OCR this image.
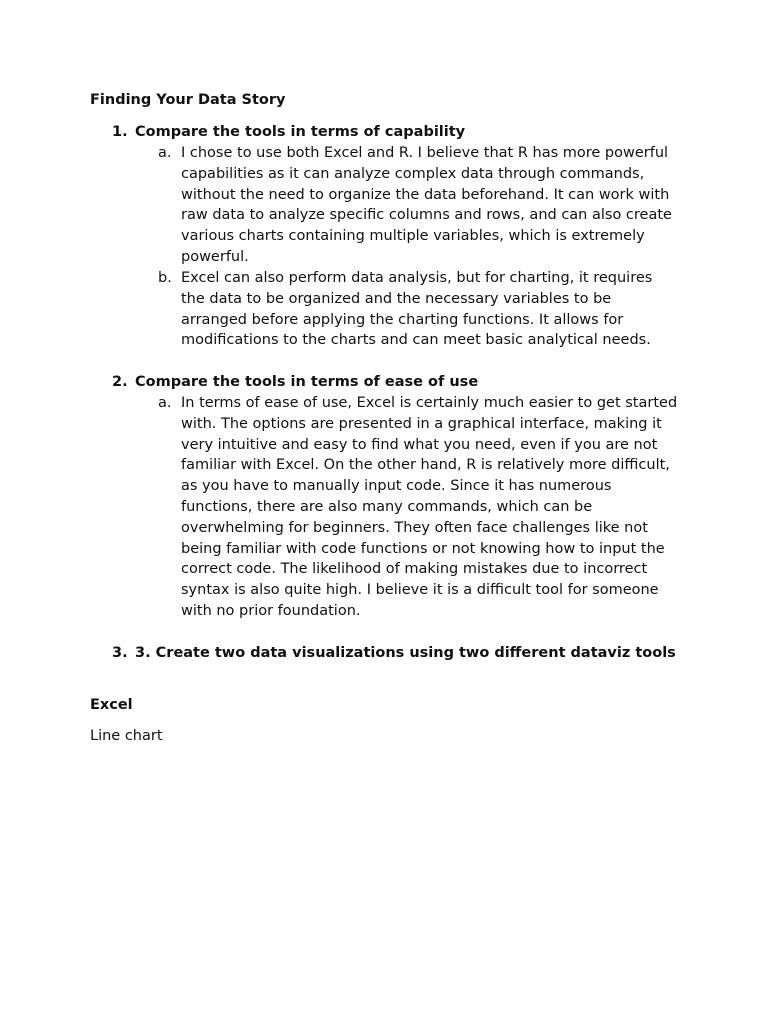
Finding Your Data Story

1. Compare the tools in terms of capability
a. I chose to use both Excel and R. I believe that R has more powerful capabilities as it can analyze complex data through commands, without the need to organize the data beforehand. It can work with raw data to analyze specific columns and rows, and can also create various charts containing multiple variables, which is extremely powerful.
b. Excel can also perform data analysis, but for charting, it requires the data to be organized and the necessary variables to be arranged before applying the charting functions. It allows for modifications to the charts and can meet basic analytical needs.
2. Compare the tools in terms of ease of use
a. In terms of ease of use, Excel is certainly much easier to get started with. The options are presented in a graphical interface, making it very intuitive and easy to find what you need, even if you are not familiar with Excel. On the other hand, R is relatively more difficult, as you have to manually input code. Since it has numerous functions, there are also many commands, which can be overwhelming for beginners. They often face challenges like not being familiar with code functions or not knowing how to input the correct code. The likelihood of making mistakes due to incorrect syntax is also quite high. I believe it is a difficult tool for someone with no prior foundation.
3. 3. Create two data visualizations using two different dataviz tools

Excel

Line chart
